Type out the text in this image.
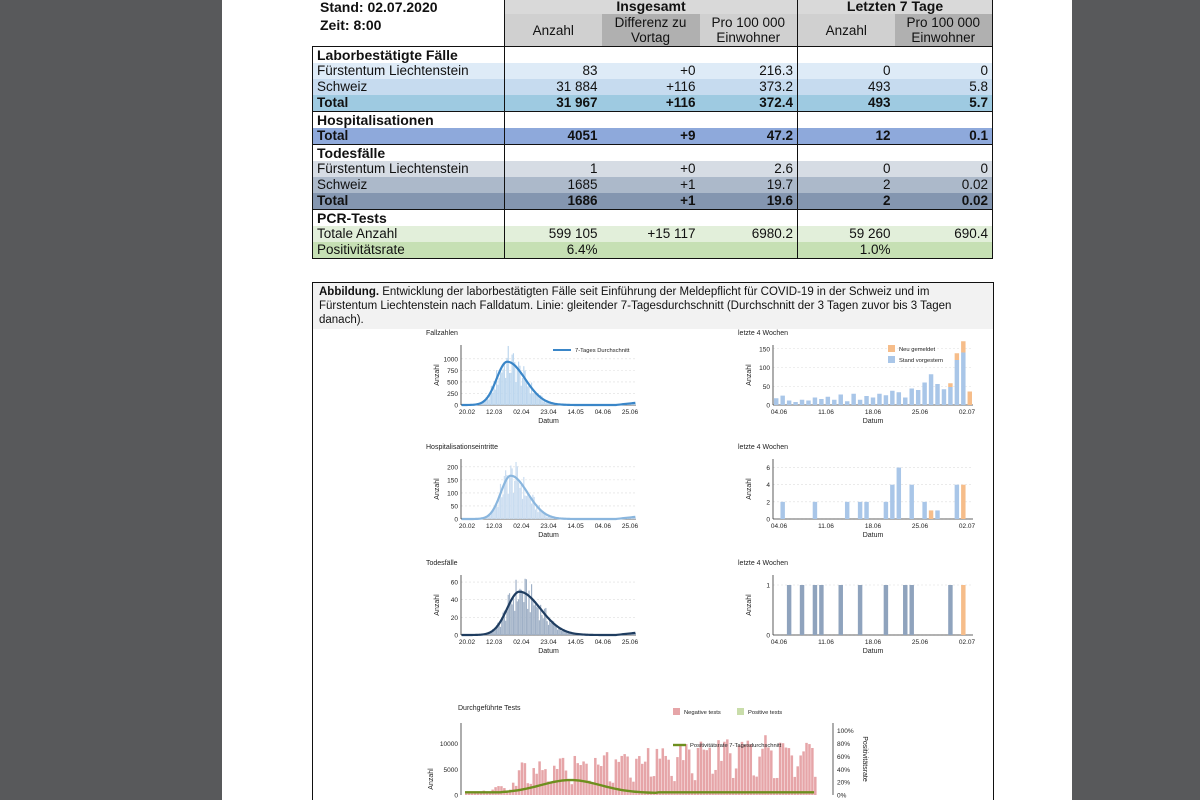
Stand: 02.07.2020
Zeit: 8:00
	Insgesamt			Letzten 7 Tage	
	Anzahl	Differenz zu Vortag	Pro 100 000 Einwohner	Anzahl	Pro 100 000 Einwohner
Laborbestätigte Fälle					
Fürstentum Liechtenstein	83	+0	216.3	0	0
Schweiz	31 884	+116	373.2	493	5.8
Total	31 967	+116	372.4	493	5.7
Hospitalisationen					
Total	4051	+9	47.2	12	0.1
Todesfälle					
Fürstentum Liechtenstein	1	+0	2.6	0	0
Schweiz	1685	+1	19.7	2	0.02
Total	1686	+1	19.6	2	0.02
PCR-Tests					
Totale Anzahl	599 105	+15 117	6980.2	59 260	690.4
Positivitätsrate	6.4%			1.0%	
Abbildung. Entwicklung der laborbestätigten Fälle seit Einführung der Meldepflicht für COVID-19 in der Schweiz und im Fürstentum Liechtenstein nach Falldatum. Linie: gleitender 7-Tagesdurchschnitt (Durchschnitt der 3 Tagen zuvor bis 3 Tagen danach).
0
250
500
750
1000
20.02 12.03 02.04 23.04 14.05 04.06 25.06
Datum
Anzahl
Fallzahlen
7-Tages Durchschnitt
0
50
100
150
04.06	11.06	18.06	25.06	02.07
Datum
Anzahl
letzte 4 Wochen
Neu gemeldet
Stand vorgestern
0
50
100
150
200
20.02 12.03 02.04 23.04 14.05 04.06 25.06
Datum
Anzahl
Hospitalisationseintritte
0
2
4
6
04.06	11.06	18.06	25.06	02.07
Datum
Anzahl
letzte 4 Wochen
0
20
40
60
20.02 12.03 02.04 23.04 14.05 04.06 25.06
Datum
Anzahl
Todesfälle
0
1
04.06	11.06	18.06	25.06	02.07
Datum
Anzahl
letzte 4 Wochen
Durchgeführte Tests
0
5000
10000
Anzahl
0%
20%
40%
60%
80%
100%
Positivitätsrate
Negative tests	Positive tests
Positivitätsrate 7-Tagesdurchschnitt
